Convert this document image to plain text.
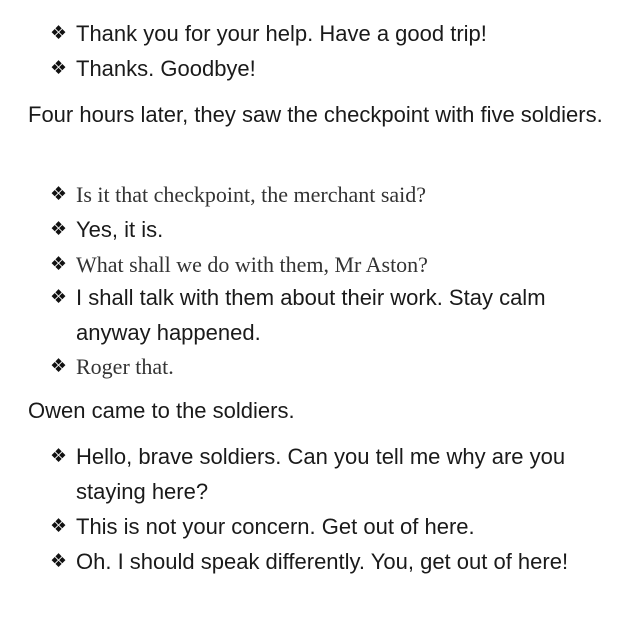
❖ Thank you for your help. Have a good trip!
❖ Thanks. Goodbye!

Four hours later, they saw the checkpoint with five soldiers.

❖ Is it that checkpoint, the merchant said?
❖ Yes, it is.
❖ What shall we do with them, Mr Aston?
❖ I shall talk with them about their work. Stay calm anyway happened.
❖ Roger that.

Owen came to the soldiers.

❖ Hello, brave soldiers. Can you tell me why are you staying here?
❖ This is not your concern. Get out of here.
❖ Oh. I should speak differently. You, get out of here!
